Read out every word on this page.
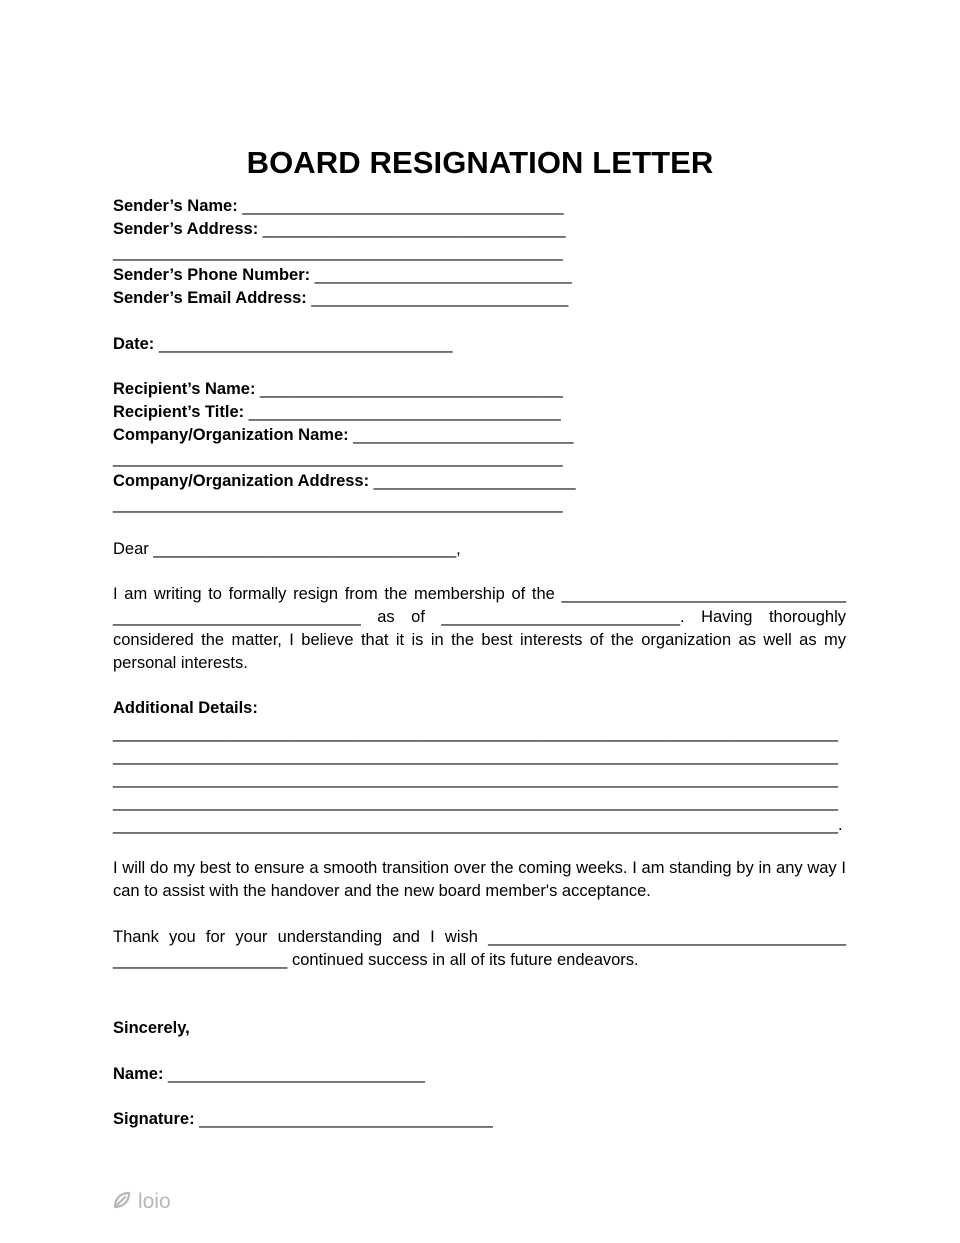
BOARD RESIGNATION LETTER
Sender’s Name: ___________________________________
Sender’s Address: _________________________________
_________________________________________________
Sender’s Phone Number: ____________________________
Sender’s Email Address: ____________________________
Date: ________________________________
Recipient’s Name: _________________________________
Recipient’s Title: __________________________________
Company/Organization Name: ________________________
_________________________________________________
Company/Organization Address: ______________________
_________________________________________________
Dear _________________________________,
I am writing to formally resign from the membership of the _______________________________ ___________________________ as of __________________________. Having thoroughly considered the matter, I believe that it is in the best interests of the organization as well as my personal interests.
Additional Details:
_______________________________________________________________________________
_______________________________________________________________________________
_______________________________________________________________________________
_______________________________________________________________________________
_______________________________________________________________________________.
I will do my best to ensure a smooth transition over the coming weeks. I am standing by in any way I can to assist with the handover and the new board member's acceptance.
Thank you for your understanding and I wish _______________________________________ ___________________ continued success in all of its future endeavors.
Sincerely,
Name: ____________________________
Signature: ________________________________
loio
